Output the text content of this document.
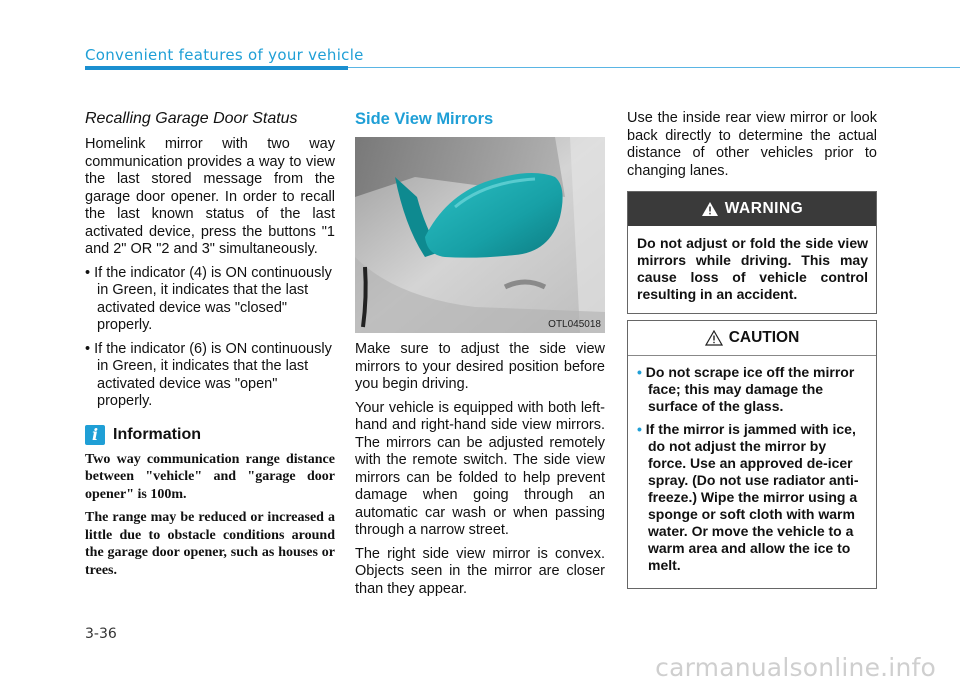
Convenient features of your vehicle
Recalling Garage Door Status

Homelink mirror with two way communication provides a way to view the last stored message from the garage door opener. In order to recall the last known status of the last activated device, press the buttons "1 and 2" OR "2 and 3" simultaneously.

• If the indicator (4) is ON continuously in Green, it indicates that the last activated device was "closed" properly.
• If the indicator (6) is ON continuously in Green, it indicates that the last activated device was "open" properly.
i Information

Two way communication range distance between "vehicle" and "garage door opener" is 100m.

The range may be reduced or increased a little due to obstacle conditions around the garage door opener, such as houses or trees.

Side View Mirrors
OTL045018

Make sure to adjust the side view mirrors to your desired position before you begin driving.

Your vehicle is equipped with both left-hand and right-hand side view mirrors. The mirrors can be adjusted remotely with the remote switch. The side view mirrors can be folded to help prevent damage when going through an automatic car wash or when passing through a narrow street.

The right side view mirror is convex. Objects seen in the mirror are closer than they appear.

Use the inside rear view mirror or look back directly to determine the actual distance of other vehicles prior to changing lanes.

WARNING
Do not adjust or fold the side view mirrors while driving. This may cause loss of vehicle control resulting in an accident.
CAUTION
• Do not scrape ice off the mirror face; this may damage the surface of the glass.
• If the mirror is jammed with ice, do not adjust the mirror by force. Use an approved de-icer spray. (Do not use radiator anti-freeze.) Wipe the mirror using a sponge or soft cloth with warm water. Or move the vehicle to a warm area and allow the ice to melt.
3-36
carmanualsonline.info
